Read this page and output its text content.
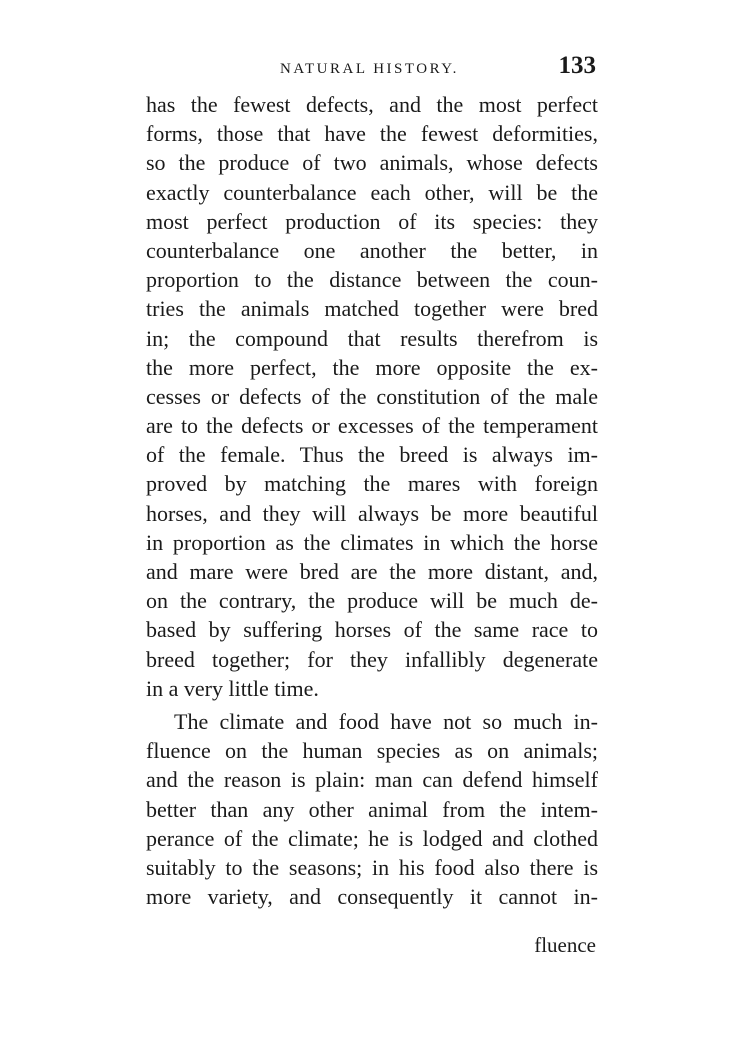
NATURAL HISTORY.	133
has the fewest defects, and the most perfect
forms, those that have the fewest deformities,
so the produce of two animals, whose defects
exactly counterbalance each other, will be the
most perfect production of its species: they
counterbalance one another the better, in
proportion to the distance between the coun-
tries the animals matched together were bred
in; the compound that results therefrom is
the more perfect, the more opposite the ex-
cesses or defects of the constitution of the male
are to the defects or excesses of the temperament
of the female. Thus the breed is always im-
proved by matching the mares with foreign
horses, and they will always be more beautiful
in proportion as the climates in which the horse
and mare were bred are the more distant, and,
on the contrary, the produce will be much de-
based by suffering horses of the same race to
breed together; for they infallibly degenerate
in a very little time.
The climate and food have not so much in-
fluence on the human species as on animals;
and the reason is plain: man can defend himself
better than any other animal from the intem-
perance of the climate; he is lodged and clothed
suitably to the seasons; in his food also there is
more variety, and consequently it cannot in-
fluence
